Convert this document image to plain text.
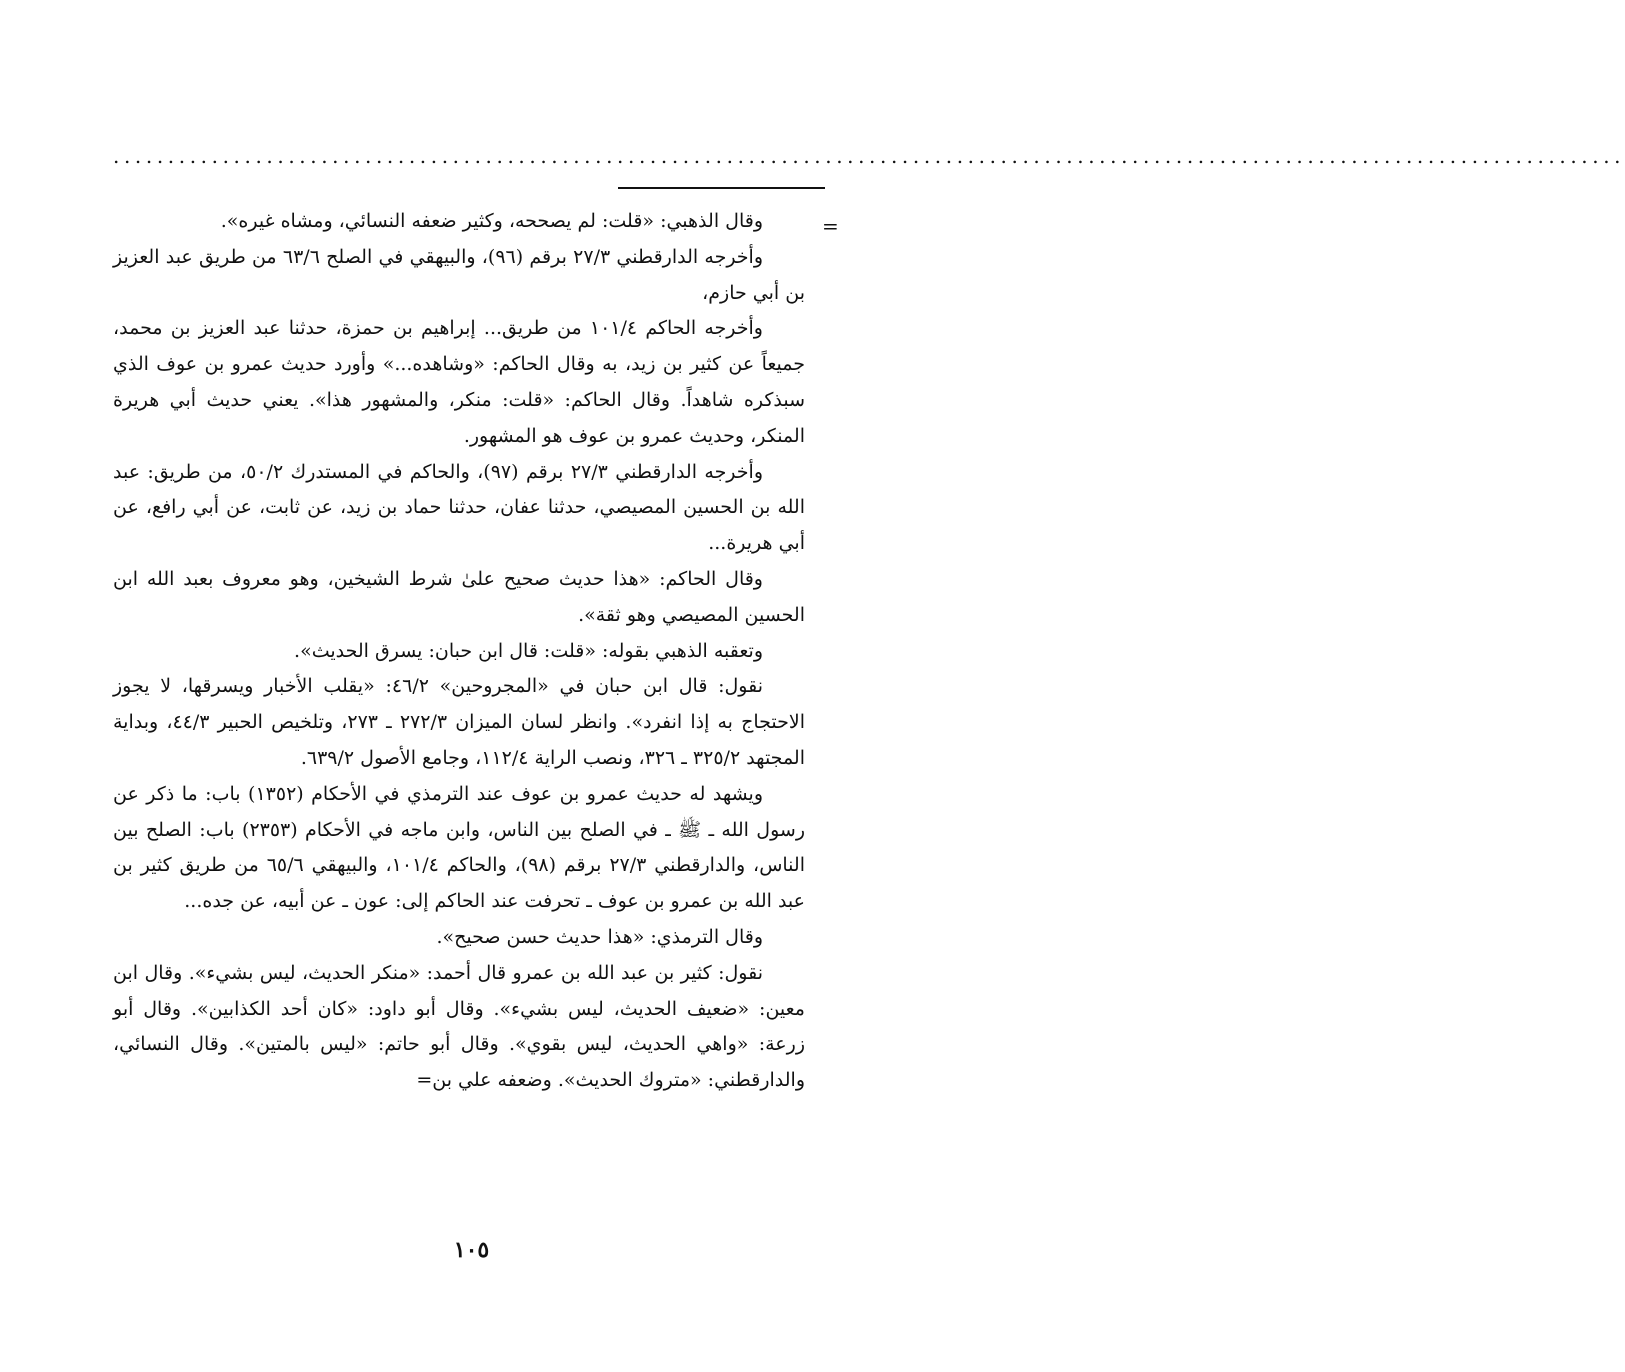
..........................................................................................................................................
=

وقال الذهبي: «قلت: لم يصححه، وكثير ضعفه النسائي، ومشاه غيره».

وأخرجه الدارقطني ٣/‏٢٧ برقم (٩٦)، والبيهقي في الصلح ٦/‏٦٣ من طريق عبد العزيز بن أبي حازم،

وأخرجه الحاكم ٤/‏١٠١ من طريق... إبراهيم بن حمزة، حدثنا عبد العزيز بن محمد، جميعاً عن كثير بن زيد، به وقال الحاكم: «وشاهده...» وأورد حديث عمرو بن عوف الذي سبذكره شاهداً. وقال الحاكم: «قلت: منكر، والمشهور هذا». يعني حديث أبي هريرة المنكر، وحديث عمرو بن عوف هو المشهور.

وأخرجه الدارقطني ٣/‏٢٧ برقم (٩٧)، والحاكم في المستدرك ٢/‏٥٠، من طريق: عبد الله بن الحسين المصيصي، حدثنا عفان، حدثنا حماد بن زيد، عن ثابت، عن أبي رافع، عن أبي هريرة...

وقال الحاكم: «هذا حديث صحيح علىٰ شرط الشيخين، وهو معروف بعبد الله ابن الحسين المصيصي وهو ثقة».

وتعقبه الذهبي بقوله: «قلت: قال ابن حبان: يسرق الحديث».

نقول: قال ابن حبان في «المجروحين» ٢/‏٤٦: «يقلب الأخبار ويسرقها، لا يجوز الاحتجاج به إذا انفرد». وانظر لسان الميزان ٣/‏٢٧٢ ـ ٢٧٣، وتلخيص الحبير ٣/‏٤٤، وبداية المجتهد ٢/‏٣٢٥ ـ ٣٢٦، ونصب الراية ٤/‏١١٢، وجامع الأصول ٢/‏٦٣٩.

ويشهد له حديث عمرو بن عوف عند الترمذي في الأحكام (١٣٥٢) باب: ما ذكر عن رسول الله ـ ﷺ ـ في الصلح بين الناس، وابن ماجه في الأحكام (٢٣٥٣) باب: الصلح بين الناس، والدارقطني ٣/‏٢٧ برقم (٩٨)، والحاكم ٤/‏١٠١، والبيهقي ٦/‏٦٥ من طريق كثير بن عبد الله بن عمرو بن عوف ـ تحرفت عند الحاكم إلى: عون ـ عن أبيه، عن جده...

وقال الترمذي: «هذا حديث حسن صحيح».

نقول: كثير بن عبد الله بن عمرو قال أحمد: «منكر الحديث، ليس بشيء». وقال ابن معين: «ضعيف الحديث، ليس بشيء». وقال أبو داود: «كان أحد الكذابين». وقال أبو زرعة: «واهي الحديث، ليس بقوي». وقال أبو حاتم: «ليس بالمتين». وقال النسائي، والدارقطني: «متروك الحديث». وضعفه علي بن=

١٠٥
